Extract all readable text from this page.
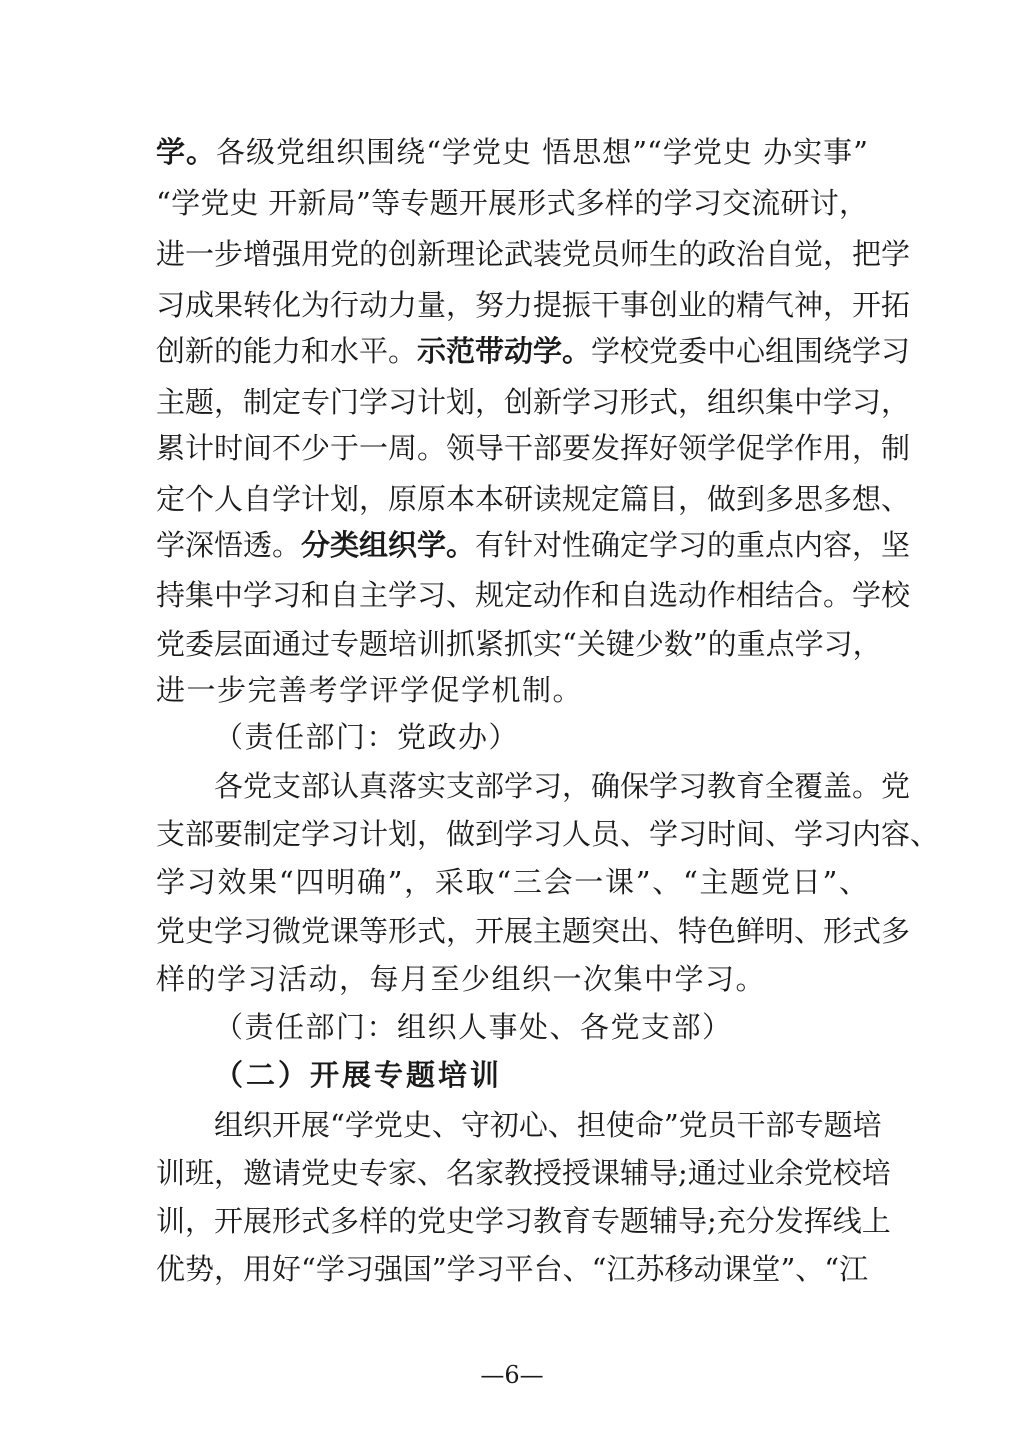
学。各级党组织围绕“学党史 悟思想”“学党史 办实事”
“学党史 开新局”等专题开展形式多样的学习交流研讨，
进一步增强用党的创新理论武装党员师生的政治自觉，把学
习成果转化为行动力量，努力提振干事创业的精气神，开拓
创新的能力和水平。示范带动学。学校党委中心组围绕学习
主题，制定专门学习计划，创新学习形式，组织集中学习，
累计时间不少于一周。领导干部要发挥好领学促学作用，制
定个人自学计划，原原本本研读规定篇目，做到多思多想、
学深悟透。分类组织学。有针对性确定学习的重点内容，坚
持集中学习和自主学习、规定动作和自选动作相结合。学校
党委层面通过专题培训抓紧抓实“关键少数”的重点学习，
进一步完善考学评学促学机制。
（责任部门：党政办）
各党支部认真落实支部学习，确保学习教育全覆盖。党
支部要制定学习计划，做到学习人员、学习时间、学习内容、
学习效果“四明确”，采取“三会一课”、“主题党日”、
党史学习微党课等形式，开展主题突出、特色鲜明、形式多
样的学习活动，每月至少组织一次集中学习。
（责任部门：组织人事处、各党支部）
（二）开展专题培训
组织开展“学党史、守初心、担使命”党员干部专题培
训班，邀请党史专家、名家教授授课辅导;通过业余党校培
训，开展形式多样的党史学习教育专题辅导;充分发挥线上
优势，用好“学习强国”学习平台、“江苏移动课堂”、“江
—6—
